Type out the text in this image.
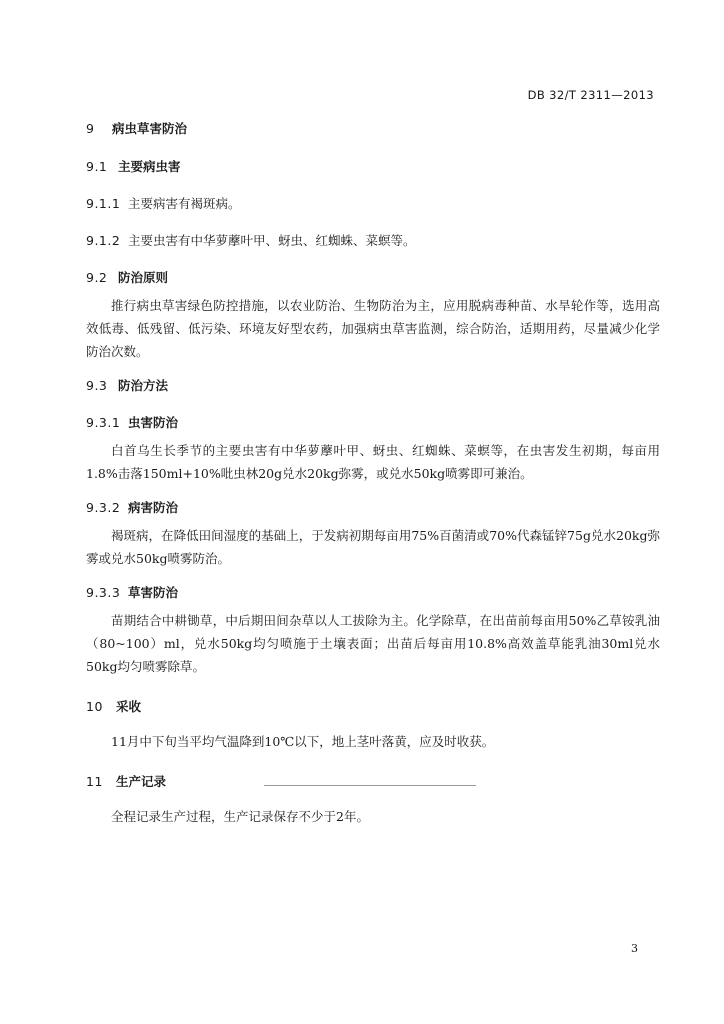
DB 32/T 2311—2013
9 病虫草害防治
9.1 主要病虫害
9.1.1 主要病害有褐斑病。
9.1.2 主要虫害有中华萝藦叶甲、蚜虫、红蜘蛛、菜螟等。
9.2 防治原则

推行病虫草害绿色防控措施，以农业防治、生物防治为主，应用脱病毒种苗、水旱轮作等，选用高效低毒、低残留、低污染、环境友好型农药，加强病虫草害监测，综合防治，适期用药，尽量减少化学防治次数。

9.3 防治方法
9.3.1 虫害防治

白首乌生长季节的主要虫害有中华萝藦叶甲、蚜虫、红蜘蛛、菜螟等，在虫害发生初期，每亩用1.8%击落150ml+10%吡虫林20g兑水20kg弥雾，或兑水50kg喷雾即可兼治。

9.3.2 病害防治

褐斑病，在降低田间湿度的基础上，于发病初期每亩用75%百菌清或70%代森锰锌75g兑水20kg弥雾或兑水50kg喷雾防治。

9.3.3 草害防治

苗期结合中耕锄草，中后期田间杂草以人工拔除为主。化学除草，在出苗前每亩用50%乙草铵乳油（80~100）ml，兑水50kg均匀喷施于土壤表面；出苗后每亩用10.8%高效盖草能乳油30ml兑水50kg均匀喷雾除草。

10 采收

11月中下旬当平均气温降到10℃以下，地上茎叶落黄，应及时收获。

11 生产记录

全程记录生产过程，生产记录保存不少于2年。

3
